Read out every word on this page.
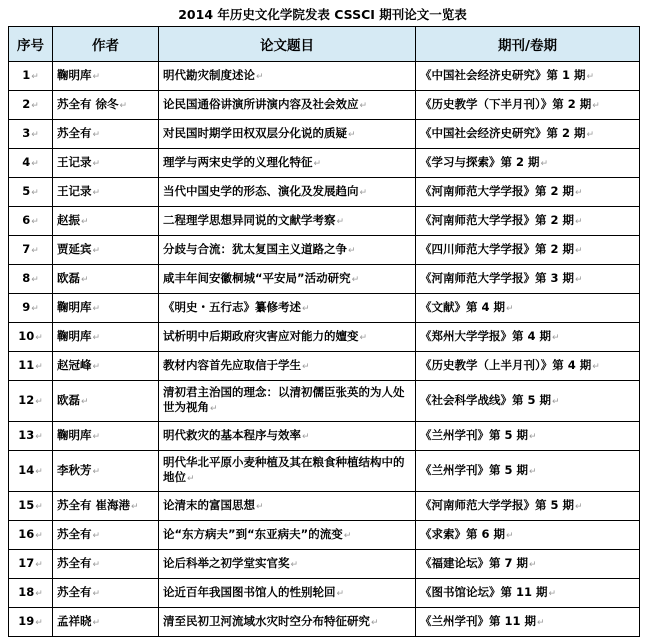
2014 年历史文化学院发表 CSSCI 期刊论文一览表
序号	作者	论文题目	期刊/卷期
1↵	鞠明库↵	明代勘灾制度述论↵	《中国社会经济史研究》第 1 期↵
2↵	苏全有 徐冬↵	论民国通俗讲演所讲演内容及社会效应↵	《历史教学（下半月刊）》第 2 期↵
3↵	苏全有↵	对民国时期学田权双层分化说的质疑↵	《中国社会经济史研究》第 2 期↵
4↵	王记录↵	理学与两宋史学的义理化特征↵	《学习与探索》第 2 期↵
5↵	王记录↵	当代中国史学的形态、演化及发展趋向↵	《河南师范大学学报》第 2 期↵
6↵	赵振↵	二程理学思想异同说的文献学考察↵	《河南师范大学学报》第 2 期↵
7↵	贾延宾↵	分歧与合流：犹太复国主义道路之争↵	《四川师范大学学报》第 2 期↵
8↵	欧磊↵	咸丰年间安徽桐城“平安局”活动研究↵	《河南师范大学学报》第 3 期↵
9↵	鞠明库↵	《明史・五行志》纂修考述↵	《文献》第 4 期↵
10↵	鞠明库↵	试析明中后期政府灾害应对能力的嬗变↵	《郑州大学学报》第 4 期↵
11↵	赵冠峰↵	教材内容首先应取信于学生↵	《历史教学（上半月刊）》第 4 期↵
12↵	欧磊↵	清初君主治国的理念：以清初儒臣张英的为人处世为视角↵	《社会科学战线》第 5 期↵
13↵	鞠明库↵	明代救灾的基本程序与效率↵	《兰州学刊》第 5 期↵
14↵	李秋芳↵	明代华北平原小麦种植及其在粮食种植结构中的地位↵	《兰州学刊》第 5 期↵
15↵	苏全有 崔海港↵	论清末的富国思想↵	《河南师范大学学报》第 5 期↵
16↵	苏全有↵	论“东方病夫”到“东亚病夫”的流变↵	《求索》第 6 期↵
17↵	苏全有↵	论后科举之初学堂实官奖↵	《福建论坛》第 7 期↵
18↵	苏全有↵	论近百年我国图书馆人的性别轮回↵	《图书馆论坛》第 11 期↵
19↵	孟祥晓↵	清至民初卫河流域水灾时空分布特征研究↵	《兰州学刊》第 11 期↵
